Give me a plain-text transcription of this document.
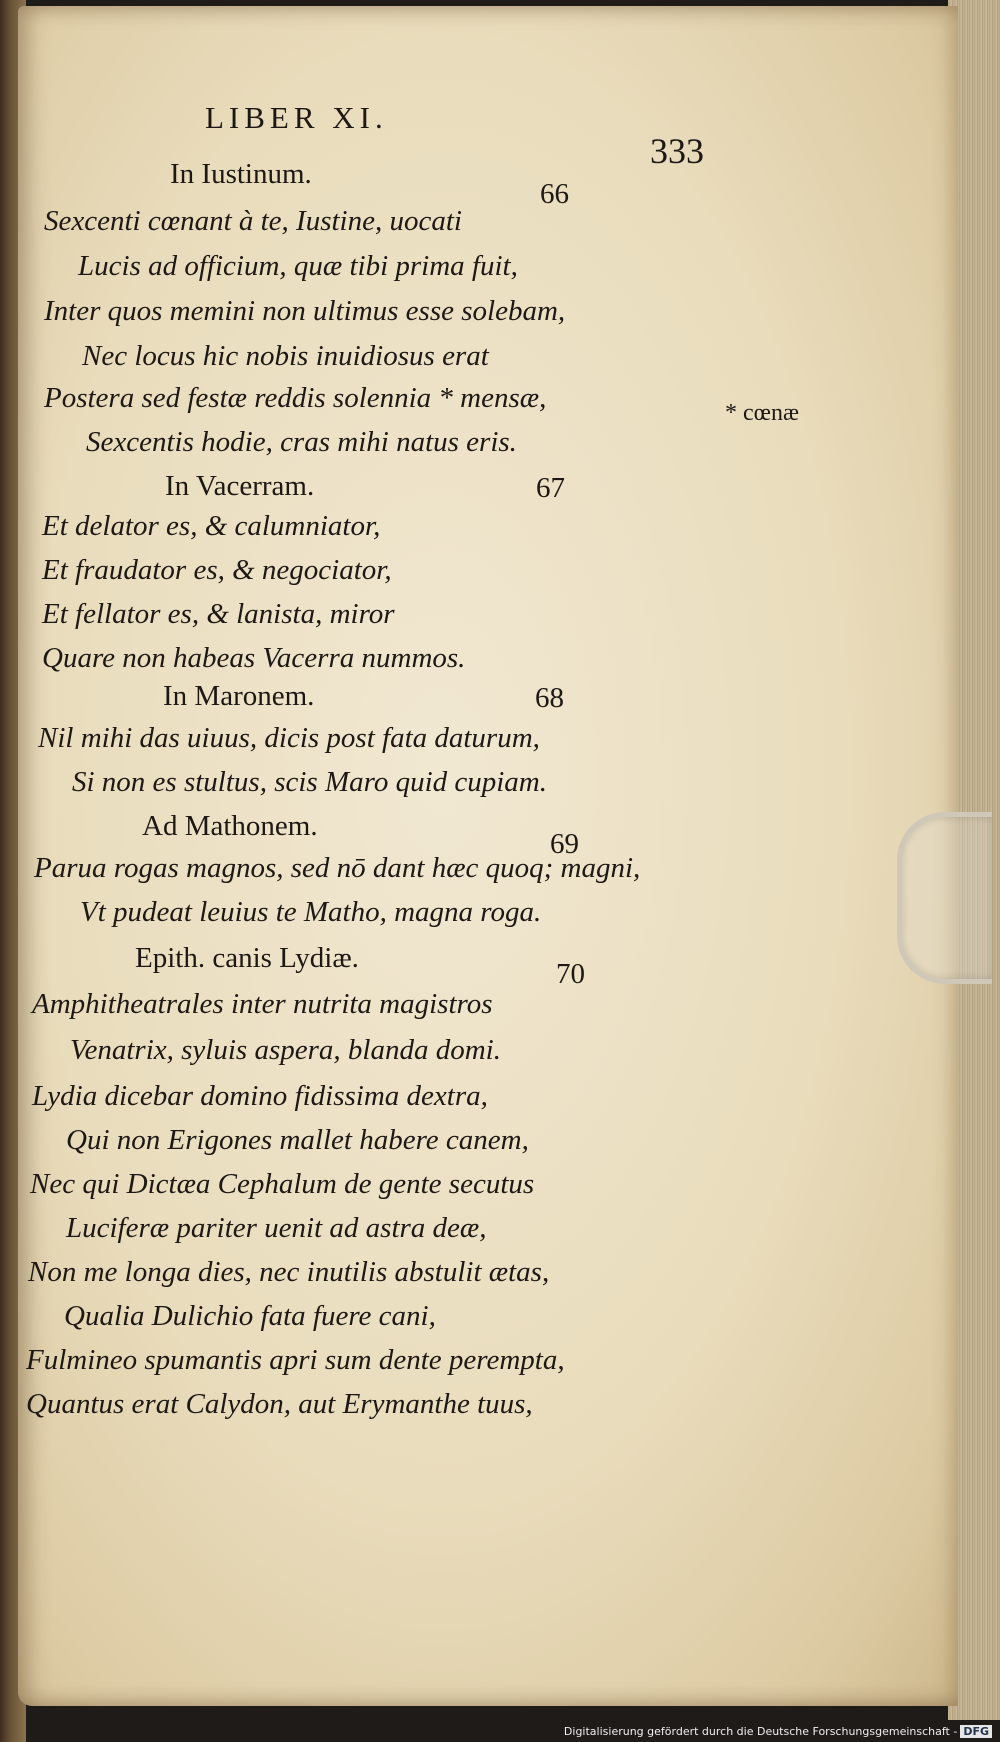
LIBER XI.
333
* cœnæ
In Iustinum.
66
Sexcenti cœnant à te, Iustine, uocati
Lucis ad officium, quæ tibi prima fuit,
Inter quos memini non ultimus esse solebam,
Nec locus hic nobis inuidiosus erat
Postera sed festæ reddis solennia * mensæ,
Sexcentis hodie, cras mihi natus eris.
In Vacerram.	67
Et delator es, & calumniator,
Et fraudator es, & negociator,
Et fellator es, & lanista, miror
Quare non habeas Vacerra nummos.
In Maronem.	68
Nil mihi das uiuus, dicis post fata daturum,
Si non es stultus, scis Maro quid cupiam.
Ad Mathonem.
69
Parua rogas magnos, sed nō dant hæc quoq; magni,
Vt pudeat leuius te Matho, magna roga.
Epith. canis Lydiæ.	70
Amphitheatrales inter nutrita magistros
Venatrix, syluis aspera, blanda domi.
Lydia dicebar domino fidissima dextra,
Qui non Erigones mallet habere canem,
Nec qui Dictæa Cephalum de gente secutus
Luciferæ pariter uenit ad astra deæ,
Non me longa dies, nec inutilis abstulit ætas,
Qualia Dulichio fata fuere cani,
Fulmineo spumantis apri sum dente perempta,
Quantus erat Calydon, aut Erymanthe tuus,
Digitalisierung gefördert durch die Deutsche Forschungsgemeinschaft - DFG
